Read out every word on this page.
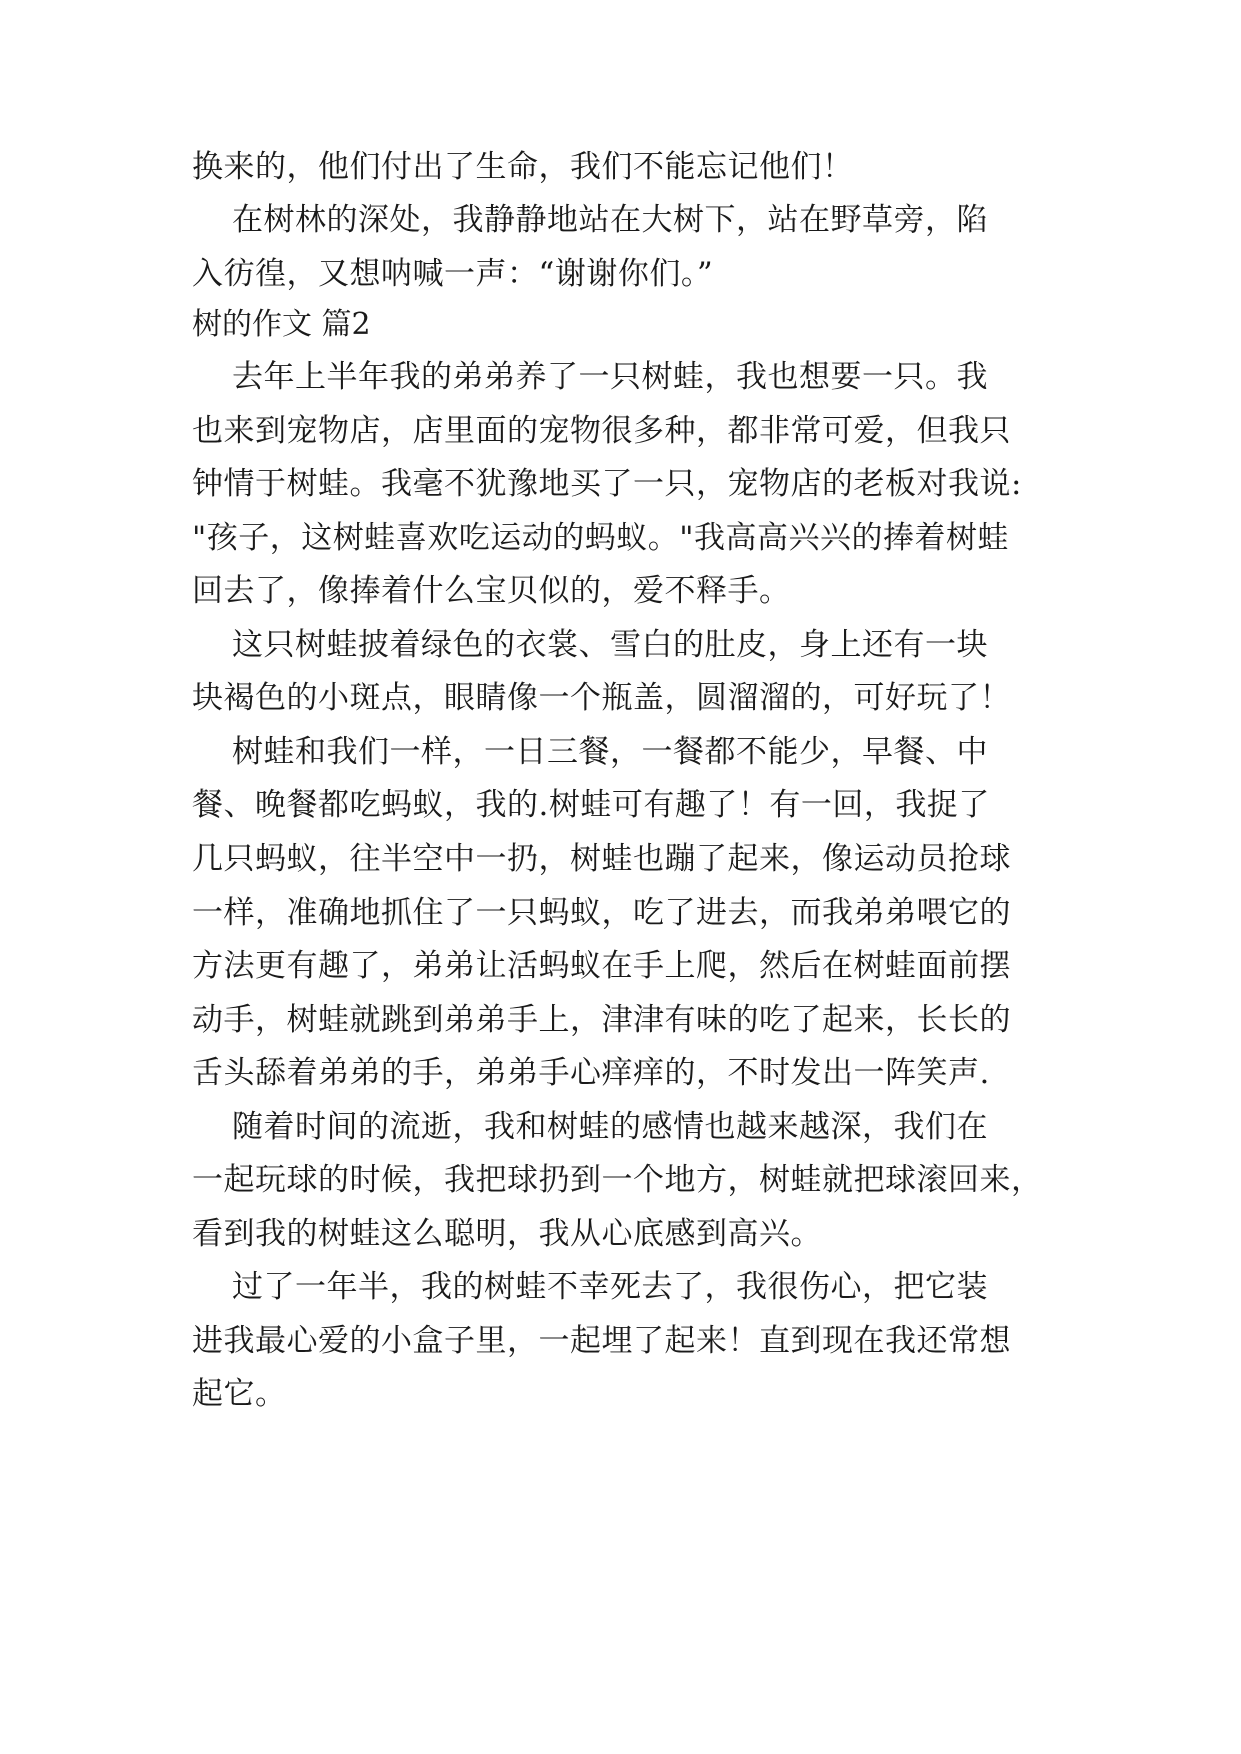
换来的，他们付出了生命，我们不能忘记他们！
在树林的深处，我静静地站在大树下，站在野草旁，陷
入彷徨，又想呐喊一声：“谢谢你们。”
树的作文 篇2
去年上半年我的弟弟养了一只树蛙，我也想要一只。我
也来到宠物店，店里面的宠物很多种，都非常可爱，但我只
钟情于树蛙。我毫不犹豫地买了一只，宠物店的老板对我说:
"孩子，这树蛙喜欢吃运动的蚂蚁。"我高高兴兴的捧着树蛙
回去了，像捧着什么宝贝似的，爱不释手。
这只树蛙披着绿色的衣裳、雪白的肚皮，身上还有一块
块褐色的小斑点，眼睛像一个瓶盖，圆溜溜的，可好玩了！
树蛙和我们一样，一日三餐，一餐都不能少，早餐、中
餐、晚餐都吃蚂蚁，我的.树蛙可有趣了！有一回，我捉了
几只蚂蚁，往半空中一扔，树蛙也蹦了起来，像运动员抢球
一样，准确地抓住了一只蚂蚁，吃了进去，而我弟弟喂它的
方法更有趣了，弟弟让活蚂蚁在手上爬，然后在树蛙面前摆
动手，树蛙就跳到弟弟手上，津津有味的吃了起来，长长的
舌头舔着弟弟的手，弟弟手心痒痒的，不时发出一阵笑声.
随着时间的流逝，我和树蛙的感情也越来越深，我们在
一起玩球的时候，我把球扔到一个地方，树蛙就把球滚回来，
看到我的树蛙这么聪明，我从心底感到高兴。
过了一年半，我的树蛙不幸死去了，我很伤心，把它装
进我最心爱的小盒子里，一起埋了起来！直到现在我还常想
起它。
